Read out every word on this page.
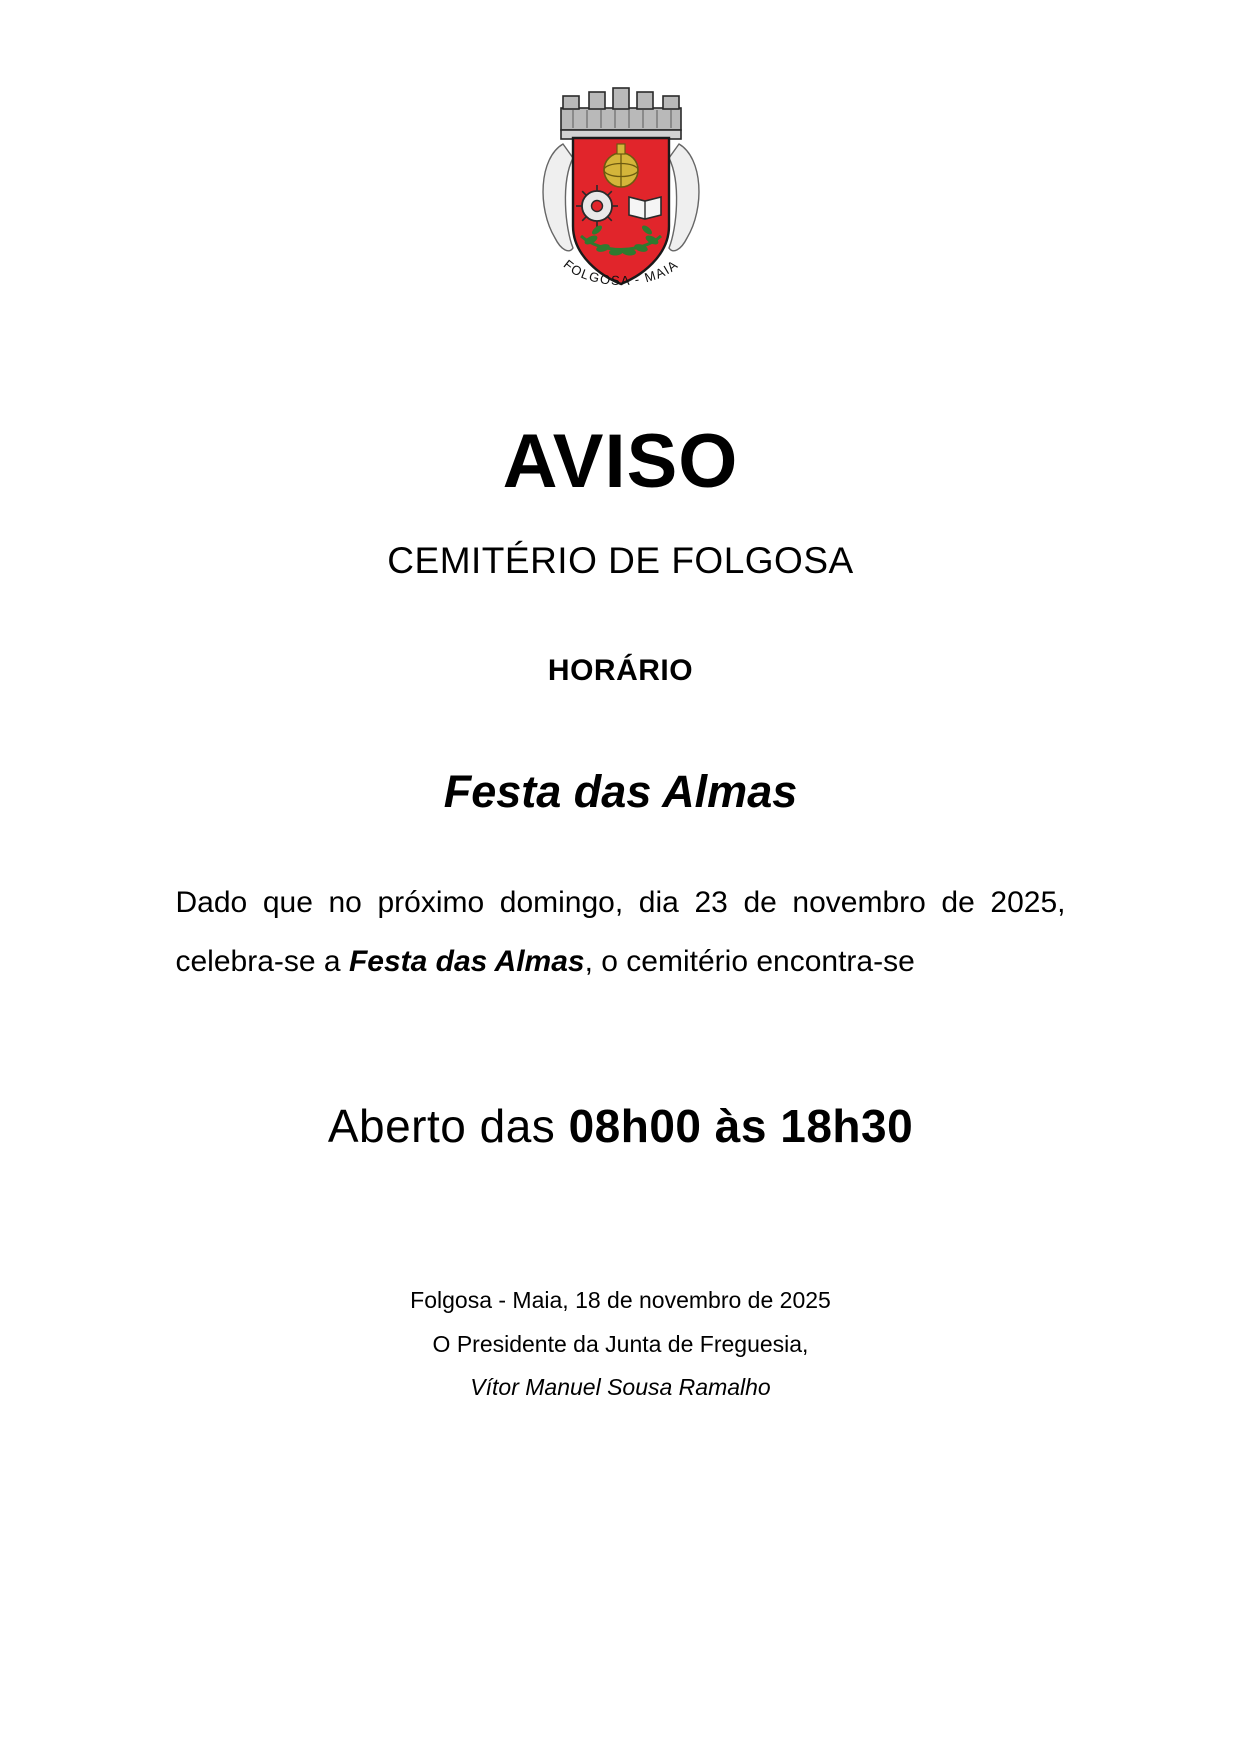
FOLGOSA - MAIA
AVISO
CEMITÉRIO DE FOLGOSA
HORÁRIO
Festa das Almas
Dado que no próximo domingo, dia 23 de novembro de 2025,
celebra-se a Festa das Almas, o cemitério encontra-se
Aberto das 08h00 às 18h30
Folgosa - Maia, 18 de novembro de 2025
O Presidente da Junta de Freguesia,
Vítor Manuel Sousa Ramalho
